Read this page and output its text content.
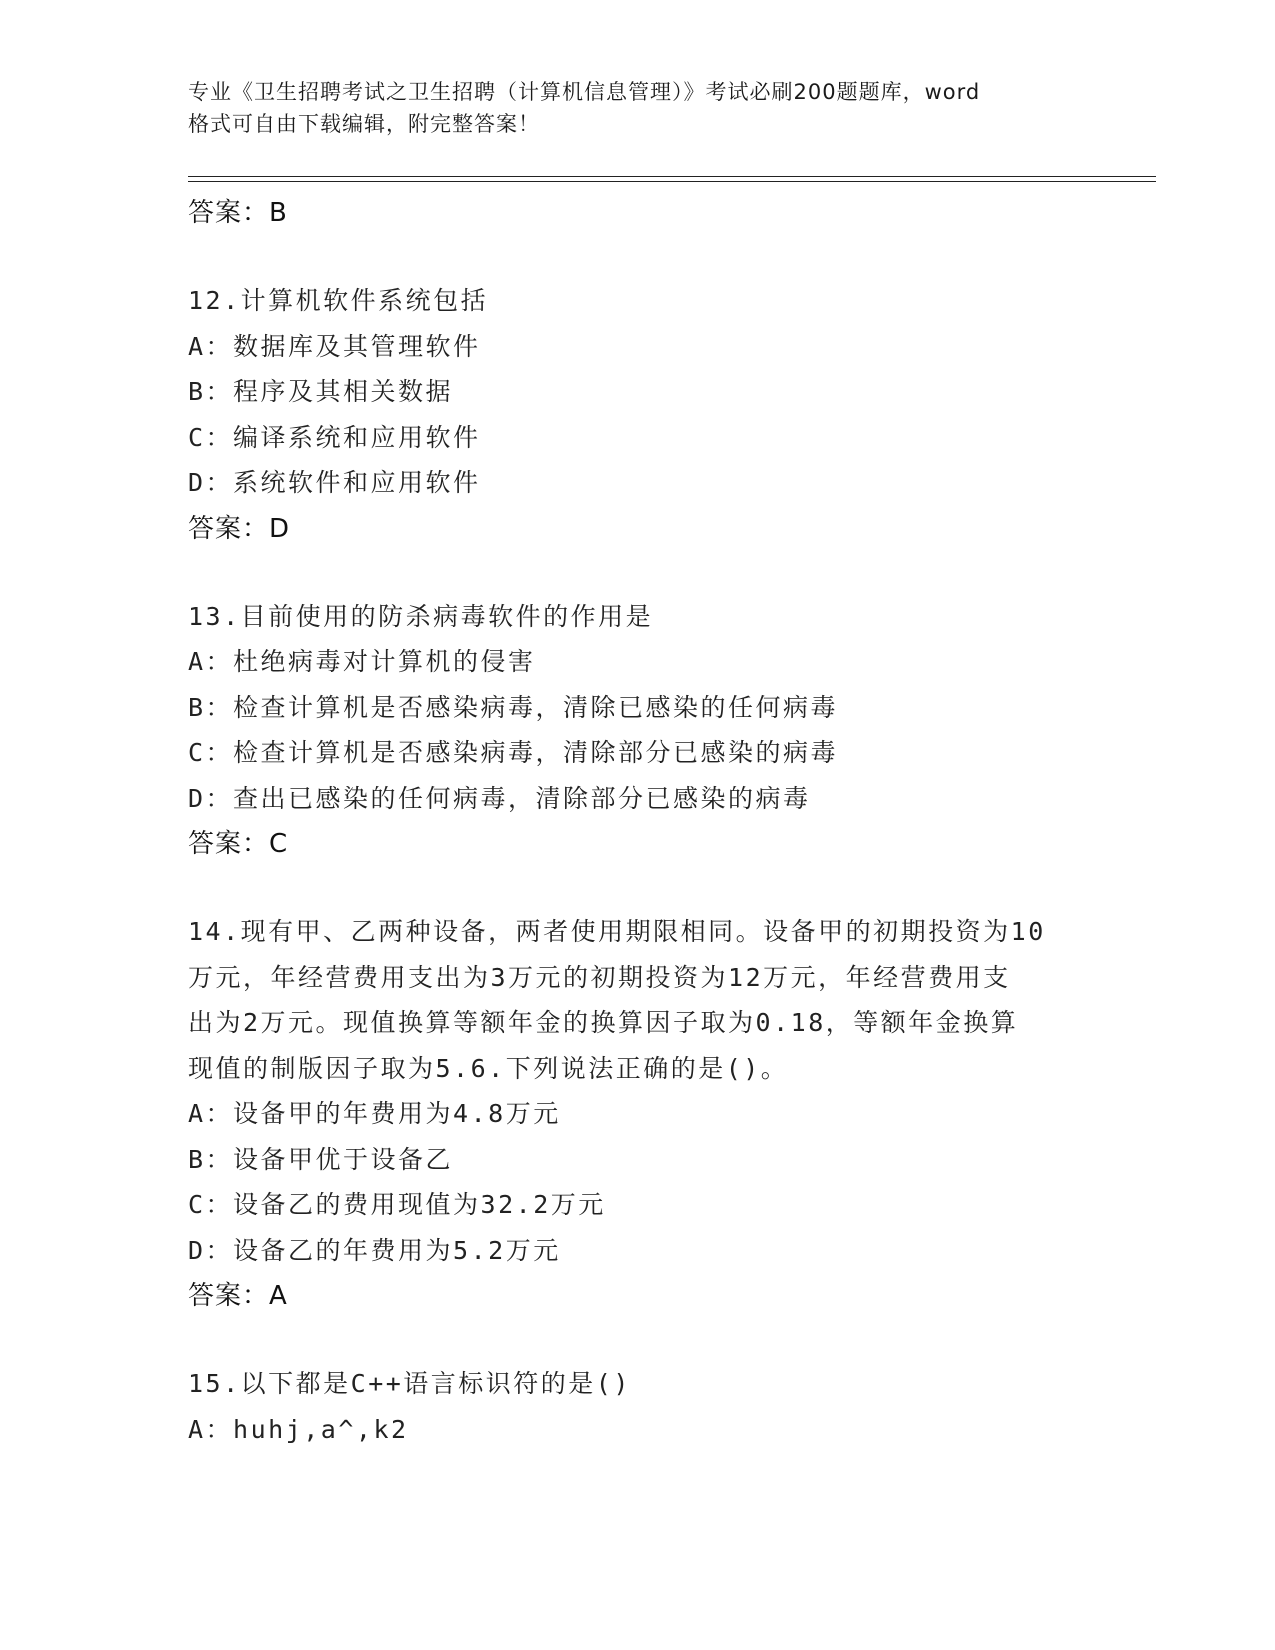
专业《卫生招聘考试之卫生招聘（计算机信息管理）》考试必刷200题题库，word
格式可自由下载编辑，附完整答案！

答案：B

12.计算机软件系统包括

A：数据库及其管理软件

B：程序及其相关数据

C：编译系统和应用软件

D：系统软件和应用软件

答案：D

13.目前使用的防杀病毒软件的作用是

A：杜绝病毒对计算机的侵害

B：检查计算机是否感染病毒，清除已感染的任何病毒

C：检查计算机是否感染病毒，清除部分已感染的病毒

D：查出已感染的任何病毒，清除部分已感染的病毒

答案：C

14.现有甲、乙两种设备，两者使用期限相同。设备甲的初期投资为10

万元，年经营费用支出为3万元的初期投资为12万元，年经营费用支

出为2万元。现值换算等额年金的换算因子取为0.18，等额年金换算

现值的制版因子取为5.6.下列说法正确的是()。

A：设备甲的年费用为4.8万元

B：设备甲优于设备乙

C：设备乙的费用现值为32.2万元

D：设备乙的年费用为5.2万元

答案：A

15.以下都是C++语言标识符的是()

A：huhj,a^,k2
